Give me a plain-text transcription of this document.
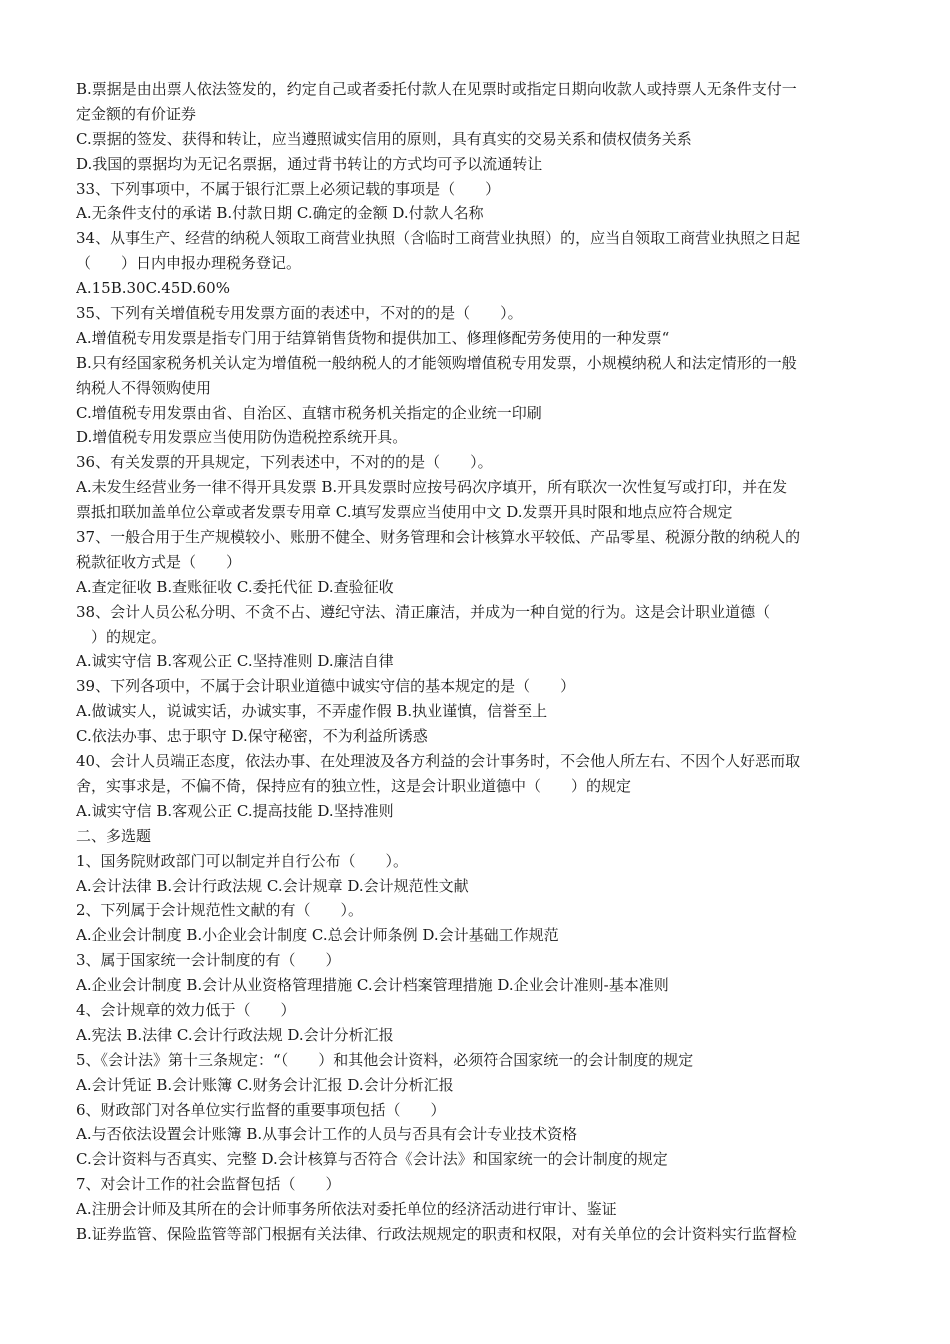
B.票据是由出票人依法签发的，约定自己或者委托付款人在见票时或指定日期向收款人或持票人无条件支付一
定金额的有价证券
C.票据的签发、获得和转让，应当遵照诚实信用的原则，具有真实的交易关系和债权债务关系
D.我国的票据均为无记名票据，通过背书转让的方式均可予以流通转让
33、下列事项中，不属于银行汇票上必须记载的事项是（　　）
A.无条件支付的承诺 B.付款日期 C.确定的金额 D.付款人名称
34、从事生产、经营的纳税人领取工商营业执照（含临时工商营业执照）的，应当自领取工商营业执照之日起
（　　）日内申报办理税务登记。
A.15B.30C.45D.60%
35、下列有关增值税专用发票方面的表述中，不对的的是（　　）。
A.增值税专用发票是指专门用于结算销售货物和提供加工、修理修配劳务使用的一种发票“
B.只有经国家税务机关认定为增值税一般纳税人的才能领购增值税专用发票，小规模纳税人和法定情形的一般
纳税人不得领购使用
C.增值税专用发票由省、自治区、直辖市税务机关指定的企业统一印刷
D.增值税专用发票应当使用防伪造税控系统开具。
36、有关发票的开具规定，下列表述中，不对的的是（　　）。
A.未发生经营业务一律不得开具发票 B.开具发票时应按号码次序填开，所有联次一次性复写或打印，并在发
票抵扣联加盖单位公章或者发票专用章 C.填写发票应当使用中文 D.发票开具时限和地点应符合规定
37、一般合用于生产规模较小、账册不健全、财务管理和会计核算水平较低、产品零星、税源分散的纳税人的
税款征收方式是（　　）
A.查定征收 B.查账征收 C.委托代征 D.查验征收
38、会计人员公私分明、不贪不占、遵纪守法、清正廉洁，并成为一种自觉的行为。这是会计职业道德（
　）的规定。
A.诚实守信 B.客观公正 C.坚持准则 D.廉洁自律
39、下列各项中，不属于会计职业道德中诚实守信的基本规定的是（　　）
A.做诚实人，说诚实话，办诚实事，不弄虚作假 B.执业谨慎，信誉至上
C.依法办事、忠于职守 D.保守秘密，不为利益所诱惑
40、会计人员端正态度，依法办事、在处理波及各方利益的会计事务时，不会他人所左右、不因个人好恶而取
舍，实事求是，不偏不倚，保持应有的独立性，这是会计职业道德中（　　）的规定
A.诚实守信 B.客观公正 C.提高技能 D.坚持准则
二、多选题
1、国务院财政部门可以制定并自行公布（　　）。
A.会计法律 B.会计行政法规 C.会计规章 D.会计规范性文献
2、下列属于会计规范性文献的有（　　）。
A.企业会计制度 B.小企业会计制度 C.总会计师条例 D.会计基础工作规范
3、属于国家统一会计制度的有（　　）
A.企业会计制度 B.会计从业资格管理措施 C.会计档案管理措施 D.企业会计准则-基本准则
4、会计规章的效力低于（　　）
A.宪法 B.法律 C.会计行政法规 D.会计分析汇报
5、《会计法》第十三条规定：“（　　）和其他会计资料，必须符合国家统一的会计制度的规定
A.会计凭证 B.会计账簿 C.财务会计汇报 D.会计分析汇报
6、财政部门对各单位实行监督的重要事项包括（　　）
A.与否依法设置会计账簿 B.从事会计工作的人员与否具有会计专业技术资格
C.会计资料与否真实、完整 D.会计核算与否符合《会计法》和国家统一的会计制度的规定
7、对会计工作的社会监督包括（　　）
A.注册会计师及其所在的会计师事务所依法对委托单位的经济活动进行审计、鉴证
B.证券监管、保险监管等部门根据有关法律、行政法规规定的职责和权限，对有关单位的会计资料实行监督检
